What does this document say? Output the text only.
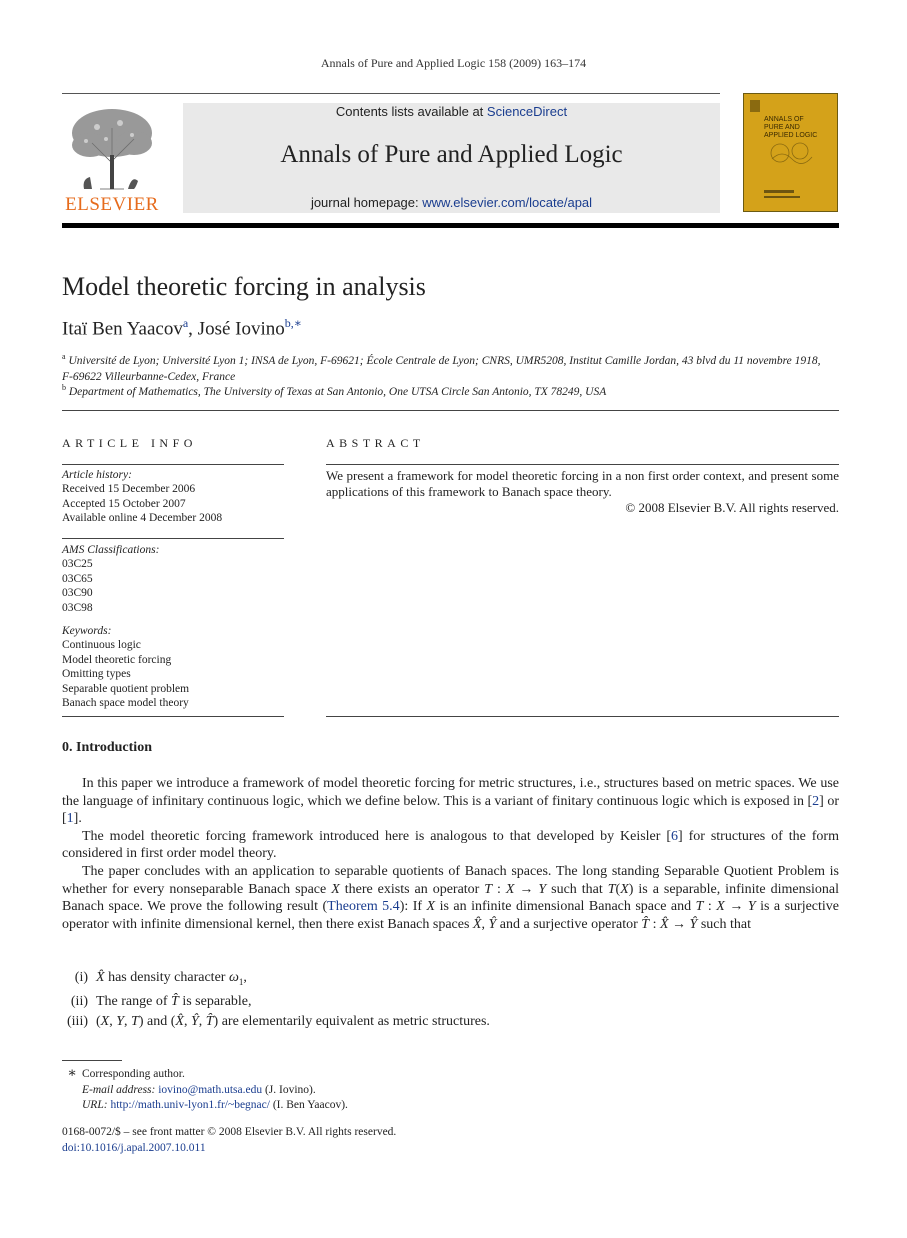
Annals of Pure and Applied Logic 158 (2009) 163–174
ELSEVIER
Contents lists available at ScienceDirect
Annals of Pure and Applied Logic
journal homepage: www.elsevier.com/locate/apal
ANNALS OF
PURE AND
APPLIED LOGIC
Model theoretic forcing in analysis
Itaï Ben Yaacov$^a$, José Iovino$^{b,∗}$
$^a$ Université de Lyon; Université Lyon 1; INSA de Lyon, F-69621; École Centrale de Lyon; CNRS, UMR5208, Institut Camille Jordan, 43 blvd du 11 novembre 1918,
F-69622 Villeurbanne-Cedex, France
$^b$ Department of Mathematics, The University of Texas at San Antonio, One UTSA Circle San Antonio, TX 78249, USA
ARTICLE INFO	ABSTRACT
Article history:
Received 15 December 2006
Accepted 15 October 2007
Available online 4 December 2008
AMS Classifications:
03C25
03C65
03C90
03C98
Keywords:
Continuous logic
Model theoretic forcing
Omitting types
Separable quotient problem
Banach space model theory
We present a framework for model theoretic forcing in a non first order context, and present some applications of this framework to Banach space theory.
© 2008 Elsevier B.V. All rights reserved.
0. Introduction

In this paper we introduce a framework of model theoretic forcing for metric structures, i.e., structures based on metric spaces. We use the language of infinitary continuous logic, which we define below. This is a variant of finitary continuous logic which is exposed in [2] or [1].

The model theoretic forcing framework introduced here is analogous to that developed by Keisler [6] for structures of the form considered in first order model theory.

The paper concludes with an application to separable quotients of Banach spaces. The long standing Separable Quotient Problem is whether for every nonseparable Banach space X there exists an operator T : X → Y such that T(X) is a separable, infinite dimensional Banach space. We prove the following result (Theorem 5.4): If X is an infinite dimensional Banach space and T : X → Y is a surjective operator with infinite dimensional kernel, then there exist Banach spaces X̂, Ŷ and a surjective operator T̂ : X̂ → Ŷ such that

(i) X̂ has density character $\omega_1$,
(ii) The range of T̂ is separable,
(iii) (X, Y, T) and (X̂, Ŷ, T̂) are elementarily equivalent as metric structures.
∗ Corresponding author.
E-mail address: iovino@math.utsa.edu (J. Iovino).
URL: http://math.univ-lyon1.fr/~begnac/ (I. Ben Yaacov).
0168-0072/$ – see front matter © 2008 Elsevier B.V. All rights reserved.
doi:10.1016/j.apal.2007.10.011
